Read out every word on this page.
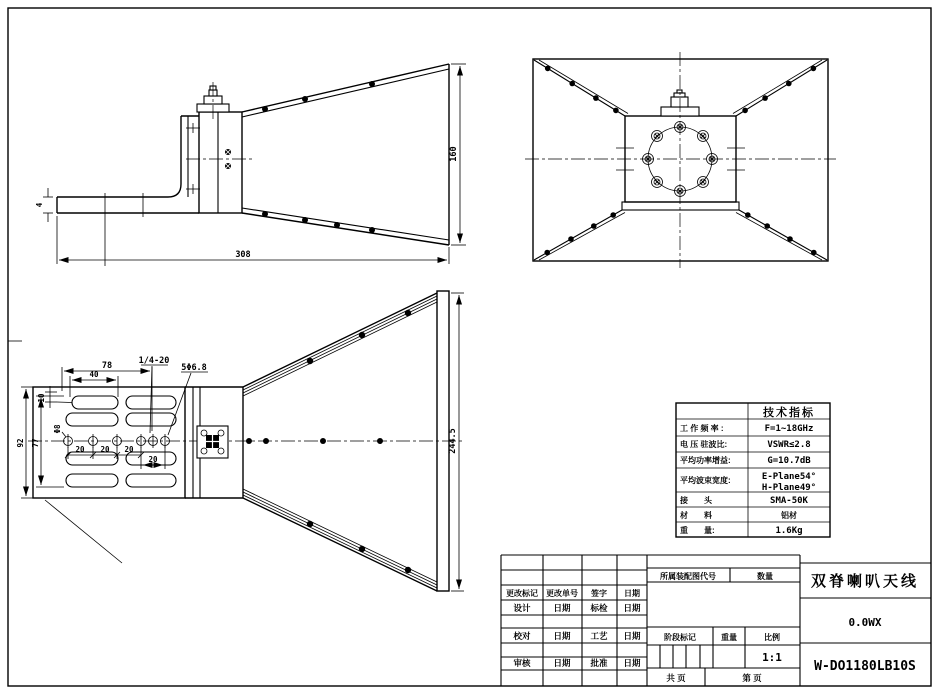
160
308
4
244.5
78
40
10
92 77
Φ8
20 20 20
20
1/4-20
5Φ6.8
技术指标
工 作 频 率 :	F=1~18GHz
电 压 驻波比:	VSWR≤2.8
平均功率增益:	G=10.7dB
平均波束宽度:	E-Plane54°
H-Plane49°
接　　头	SMA-50K
材　　料	铝材
重　　量:	1.6Kg
更改标记 更改单号 签字 日期
设计	日期 标检 日期
校对	日期 工艺 日期
审核	日期 批准 日期
所属装配图代号	数量
阶段标记	重量	比例
1:1
共 页	第 页
双脊喇叭天线
0.0WX
W-DO1180LB10S
